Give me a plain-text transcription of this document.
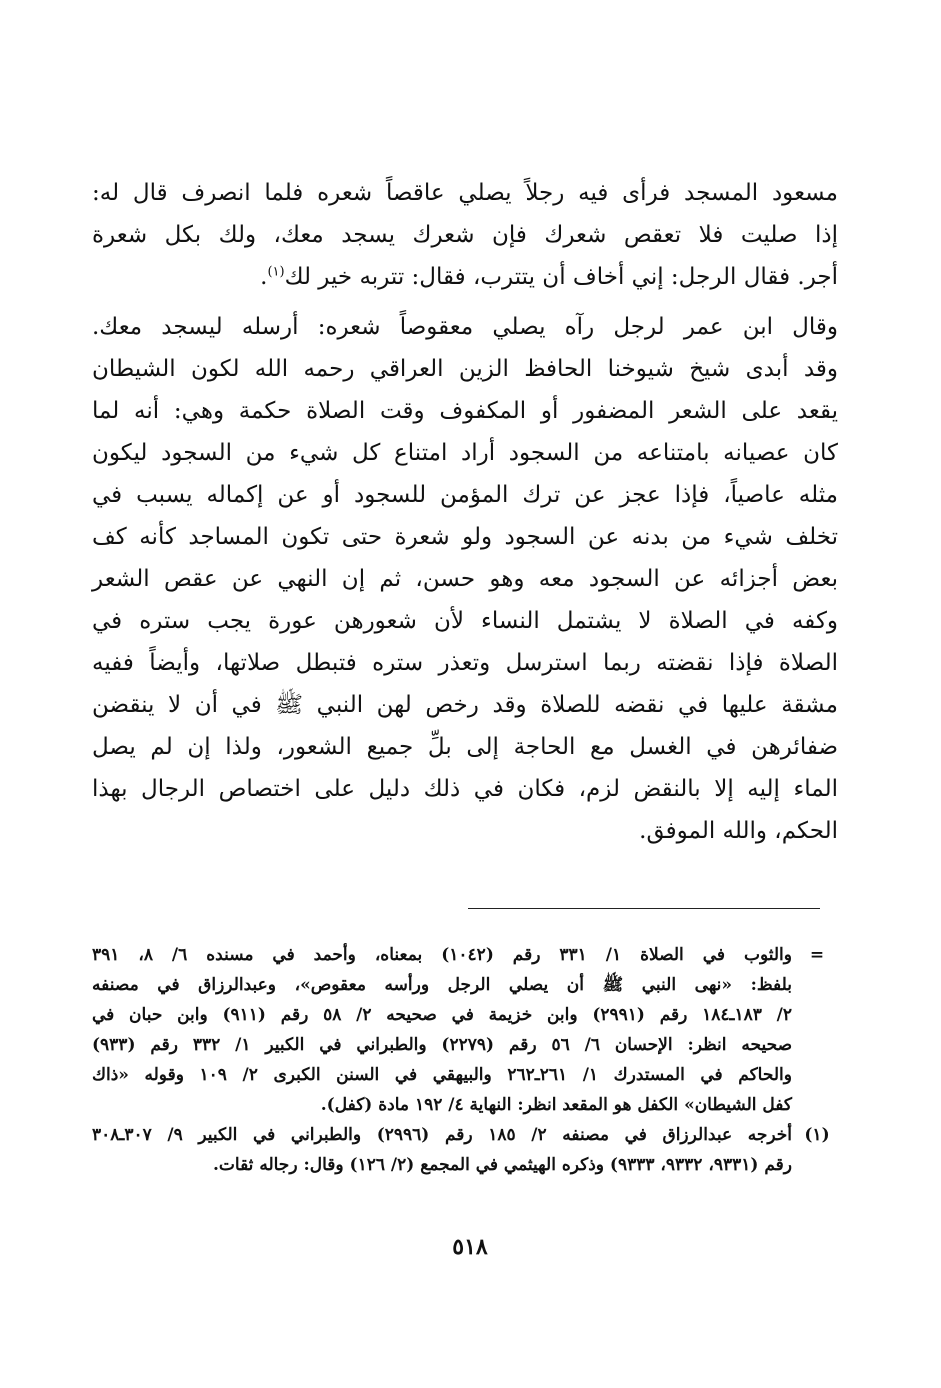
مسعود المسجد فرأى فيه رجلاً يصلي عاقصاً شعره فلما انصرف قال له:
إذا صليت فلا تعقص شعرك فإن شعرك يسجد معك، ولك بكل شعرة
أجر. فقال الرجل: إني أخاف أن يتترب، فقال: تتربه خير لك$^{(١)}$.

وقال ابن عمر لرجل رآه يصلي معقوصاً شعره: أرسله ليسجد معك.
وقد أبدى شيخ شيوخنا الحافظ الزين العراقي رحمه الله لكون الشيطان
يقعد على الشعر المضفور أو المكفوف وقت الصلاة حكمة وهي: أنه لما
كان عصيانه بامتناعه من السجود أراد امتناع كل شيء من السجود ليكون
مثله عاصياً، فإذا عجز عن ترك المؤمن للسجود أو عن إكماله يسبب في
تخلف شيء من بدنه عن السجود ولو شعرة حتى تكون المساجد كأنه كف
بعض أجزائه عن السجود معه وهو حسن، ثم إن النهي عن عقص الشعر
وكفه في الصلاة لا يشتمل النساء لأن شعورهن عورة يجب ستره في
الصلاة فإذا نقضته ربما استرسل وتعذر ستره فتبطل صلاتها، وأيضاً ففيه
مشقة عليها في نقضه للصلاة وقد رخص لهن النبي ﷺ في أن لا ينقضن
ضفائرهن في الغسل مع الحاجة إلى بلِّ جميع الشعور، ولذا إن لم يصل
الماء إليه إلا بالنقض لزم، فكان في ذلك دليل على اختصاص الرجال بهذا
الحكم، والله الموفق.

=
والثوب في الصلاة ١/ ٣٣١ رقم (١٠٤٢) بمعناه، وأحمد في مسنده ٦/ ٨، ٣٩١
بلفظ: «نهى النبي ﷺ أن يصلي الرجل ورأسه معقوص»، وعبدالرزاق في مصنفه
٢/ ١٨٣ـ١٨٤ رقم (٢٩٩١) وابن خزيمة في صحيحه ٢/ ٥٨ رقم (٩١١) وابن حبان في
صحيحه انظر: الإحسان ٦/ ٥٦ رقم (٢٢٧٩) والطبراني في الكبير ١/ ٣٣٢ رقم (٩٣٣)
والحاكم في المستدرك ١/ ٢٦١ـ٢٦٢ والبيهقي في السنن الكبرى ٢/ ١٠٩ وقوله «ذاك
كفل الشيطان» الكفل هو المقعد انظر: النهاية ٤/ ١٩٢ مادة (كفل).
(١)
أخرجه عبدالرزاق في مصنفه ٢/ ١٨٥ رقم (٢٩٩٦) والطبراني في الكبير ٩/ ٣٠٧ـ٣٠٨
رقم (٩٣٣١، ٩٣٣٢، ٩٣٣٣) وذكره الهيثمي في المجمع (٢/ ١٢٦) وقال: رجاله ثقات.
٥١٨
